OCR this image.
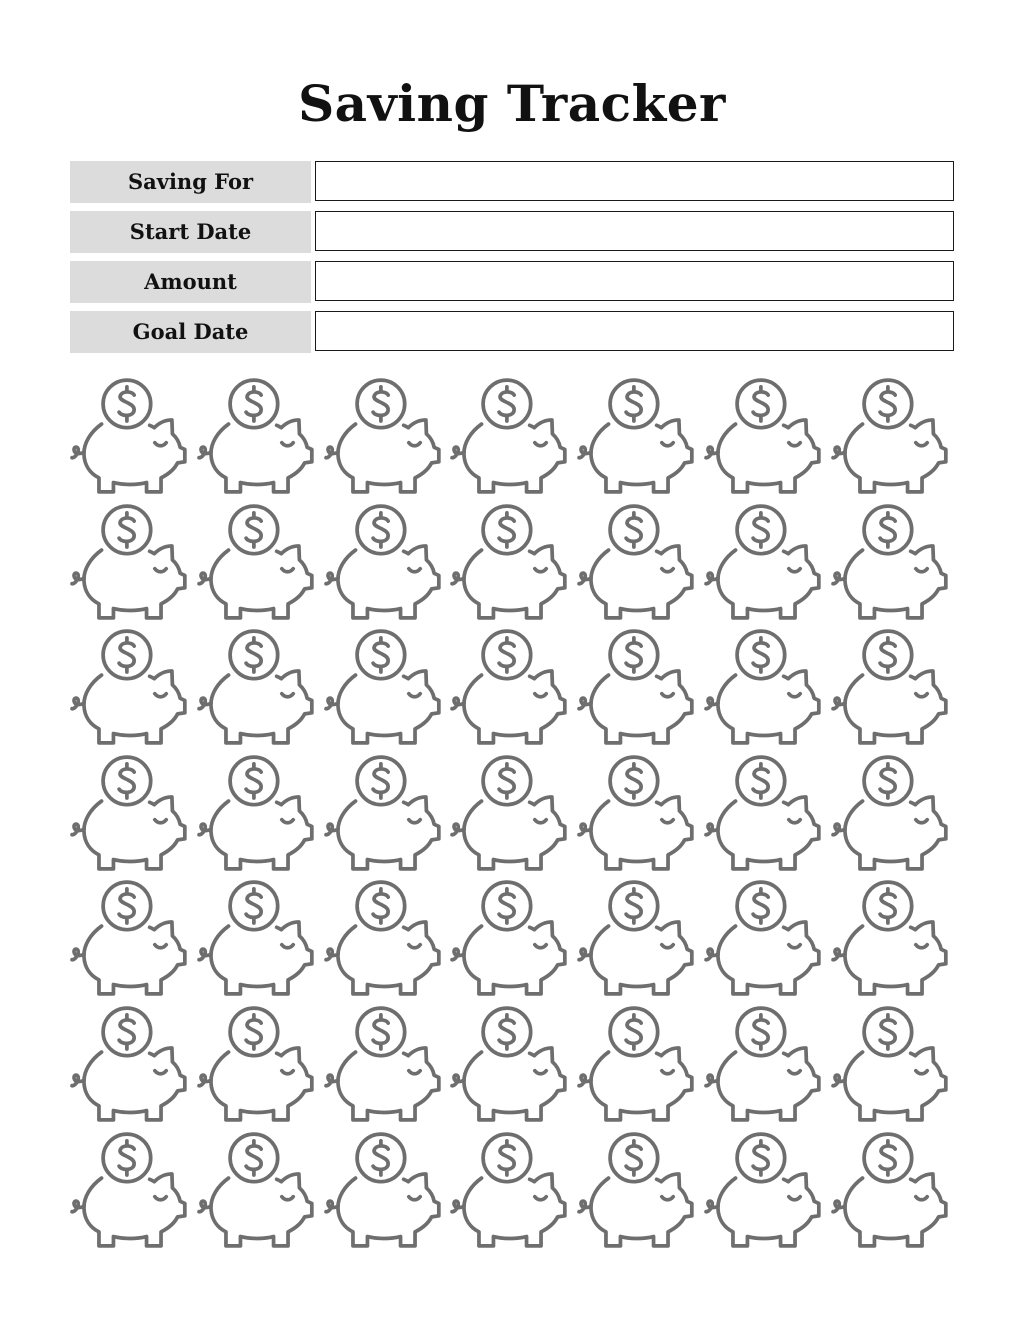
Saving Tracker
Saving For
Start Date
Amount
Goal Date
